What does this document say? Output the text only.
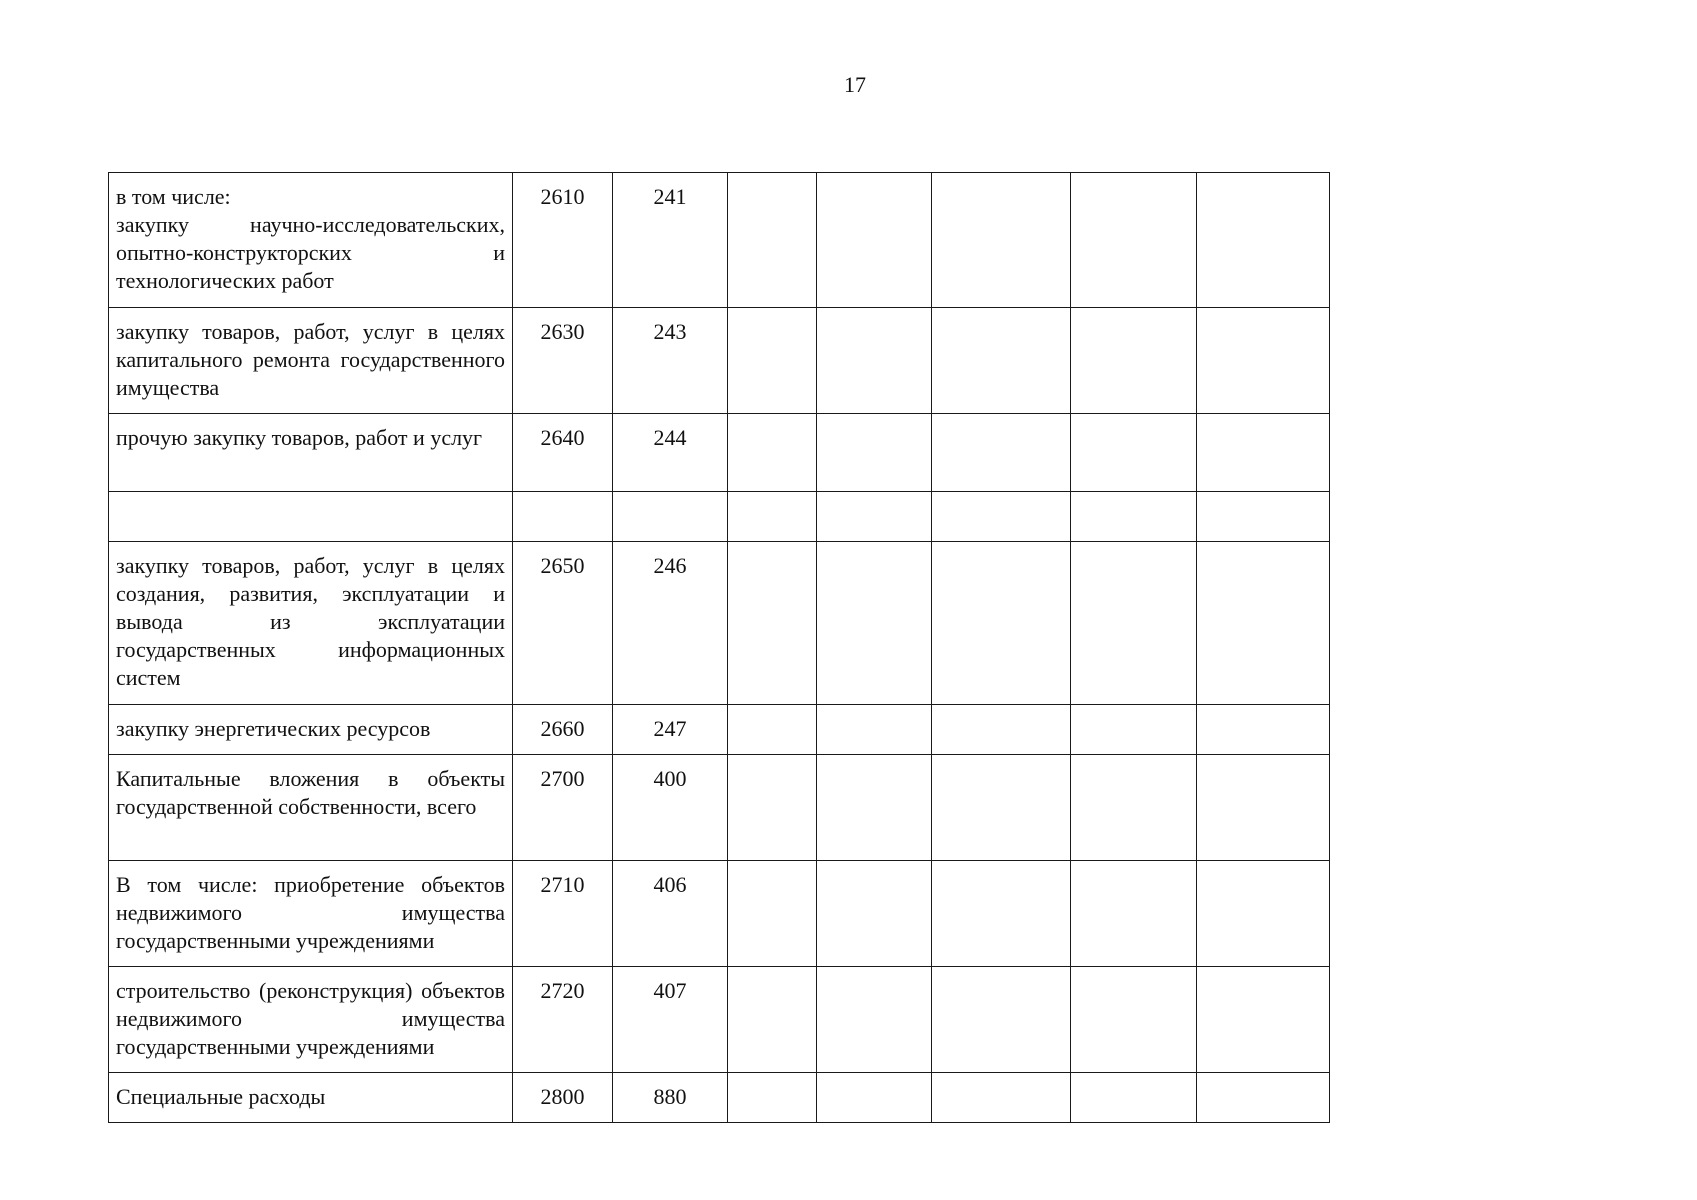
17
в том числе:
закупку научно-исследовательских, опытно-конструкторских и технологических работ	2610	241					
закупку товаров, работ, услуг в целях капитального ремонта государственного имущества	2630	243					
прочую закупку товаров, работ и услуг	2640	244					

закупку товаров, работ, услуг в целях создания, развития, эксплуатации и вывода из эксплуатации государственных информационных систем	2650	246					
закупку энергетических ресурсов	2660	247					
Капитальные вложения в объекты государственной собственности, всего	2700	400					
В том числе: приобретение объектов недвижимого имущества государственными учреждениями	2710	406					
строительство (реконструкция) объектов недвижимого имущества государственными учреждениями	2720	407					
Специальные расходы	2800	880					
